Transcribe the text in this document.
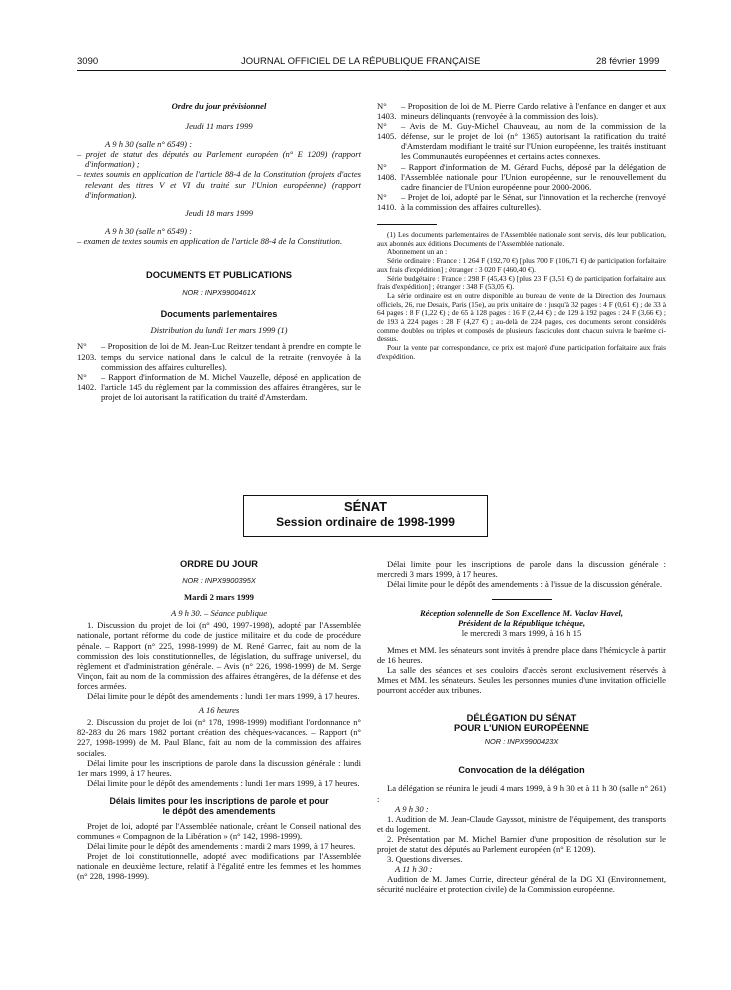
3090	JOURNAL OFFICIEL DE LA RÉPUBLIQUE FRANÇAISE	28 février 1999

Ordre du jour prévisionnel

Jeudi 11 mars 1999

A 9 h 30 (salle n° 6549) :

– projet de statut des députés au Parlement européen (n° E 1209) (rapport d'information) ;

– textes soumis en application de l'article 88-4 de la Constitution (projets d'actes relevant des titres V et VI du traité sur l'Union européenne) (rapport d'information).

Jeudi 18 mars 1999

A 9 h 30 (salle n° 6549) :

– examen de textes soumis en application de l'article 88-4 de la Constitution.

DOCUMENTS ET PUBLICATIONS

NOR : INPX9900461X

Documents parlementaires

Distribution du lundi 1er mars 1999 (1)

N° 1203.
– Proposition de loi de M. Jean-Luc Reitzer tendant à prendre en compte le temps du service national dans le calcul de la retraite (renvoyée à la commission des affaires culturelles).
N° 1402.
– Rapport d'information de M. Michel Vauzelle, déposé en application de l'article 145 du règlement par la commission des affaires étrangères, sur le projet de loi autorisant la ratification du traité d'Amsterdam.
N° 1403.
– Proposition de loi de M. Pierre Cardo relative à l'enfance en danger et aux mineurs délinquants (renvoyée à la commission des lois).
N° 1405.
– Avis de M. Guy-Michel Chauveau, au nom de la commission de la défense, sur le projet de loi (n° 1365) autorisant la ratification du traité d'Amsterdam modifiant le traité sur l'Union européenne, les traités instituant les Communautés européennes et certains actes connexes.
N° 1408.
– Rapport d'information de M. Gérard Fuchs, déposé par la délégation de l'Assemblée nationale pour l'Union européenne, sur le renouvellement du cadre financier de l'Union européenne pour 2000-2006.
N° 1410.
– Projet de loi, adopté par le Sénat, sur l'innovation et la recherche (renvoyé à la commission des affaires culturelles).

(1) Les documents parlementaires de l'Assemblée nationale sont servis, dès leur publication, aux abonnés aux éditions Documents de l'Assemblée nationale.

Abonnement un an :

Série ordinaire : France : 1 264 F (192,70 €) [plus 700 F (106,71 €) de participation forfaitaire aux frais d'expédition] ; étranger : 3 020 F (460,40 €).

Série budgétaire : France : 298 F (45,43 €) [plus 23 F (3,51 €) de participation forfaitaire aux frais d'expédition] ; étranger : 348 F (53,05 €).

La série ordinaire est en outre disponible au bureau de vente de la Direction des Journaux officiels, 26, rue Desaix, Paris (15e), au prix unitaire de : jusqu'à 32 pages : 4 F (0,61 €) ; de 33 à 64 pages : 8 F (1,22 €) ; de 65 à 128 pages : 16 F (2,44 €) ; de 129 à 192 pages : 24 F (3,66 €) ; de 193 à 224 pages : 28 F (4,27 €) ; au-delà de 224 pages, ces documents seront considérés comme doubles ou triples et composés de plusieurs fascicules dont chacun suivra le barème ci-dessus.

Pour la vente par correspondance, ce prix est majoré d'une participation forfaitaire aux frais d'expédition.

SÉNAT
Session ordinaire de 1998-1999

ORDRE DU JOUR

NOR : INPX9900395X

Mardi 2 mars 1999

A 9 h 30. – Séance publique

1. Discussion du projet de loi (n° 490, 1997-1998), adopté par l'Assemblée nationale, portant réforme du code de justice militaire et du code de procédure pénale. – Rapport (n° 225, 1998-1999) de M. René Garrec, fait au nom de la commission des lois constitutionnelles, de législation, du suffrage universel, du règlement et d'administration générale. – Avis (n° 226, 1998-1999) de M. Serge Vinçon, fait au nom de la commission des affaires étrangères, de la défense et des forces armées.

Délai limite pour le dépôt des amendements : lundi 1er mars 1999, à 17 heures.

A 16 heures

2. Discussion du projet de loi (n° 178, 1998-1999) modifiant l'ordonnance n° 82-283 du 26 mars 1982 portant création des chèques-vacances. – Rapport (n° 227, 1998-1999) de M. Paul Blanc, fait au nom de la commission des affaires sociales.

Délai limite pour les inscriptions de parole dans la discussion générale : lundi 1er mars 1999, à 17 heures.

Délai limite pour le dépôt des amendements : lundi 1er mars 1999, à 17 heures.

Délais limites pour les inscriptions de parole et pour le dépôt des amendements

Projet de loi, adopté par l'Assemblée nationale, créant le Conseil national des communes « Compagnon de la Libération » (n° 142, 1998-1999).

Délai limite pour le dépôt des amendements : mardi 2 mars 1999, à 17 heures.

Projet de loi constitutionnelle, adopté avec modifications par l'Assemblée nationale en deuxième lecture, relatif à l'égalité entre les femmes et les hommes (n° 228, 1998-1999).

Délai limite pour les inscriptions de parole dans la discussion générale : mercredi 3 mars 1999, à 17 heures.

Délai limite pour le dépôt des amendements : à l'issue de la discussion générale.

Réception solennelle de Son Excellence M. Vaclav Havel, Président de la République tchèque,

le mercredi 3 mars 1999, à 16 h 15

Mmes et MM. les sénateurs sont invités à prendre place dans l'hémicycle à partir de 16 heures.

La salle des séances et ses couloirs d'accès seront exclusivement réservés à Mmes et MM. les sénateurs. Seules les personnes munies d'une invitation officielle pourront accéder aux tribunes.

DÉLÉGATION DU SÉNAT

POUR L'UNION EUROPÉENNE

NOR : INPX9900423X

Convocation de la délégation

La délégation se réunira le jeudi 4 mars 1999, à 9 h 30 et à 11 h 30 (salle n° 261) :

A 9 h 30 :

1. Audition de M. Jean-Claude Gayssot, ministre de l'équipement, des transports et du logement.

2. Présentation par M. Michel Barnier d'une proposition de résolution sur le projet de statut des députés au Parlement européen (n° E 1209).

3. Questions diverses.

A 11 h 30 :

Audition de M. James Currie, directeur général de la DG XI (Environnement, sécurité nucléaire et protection civile) de la Commission européenne.
